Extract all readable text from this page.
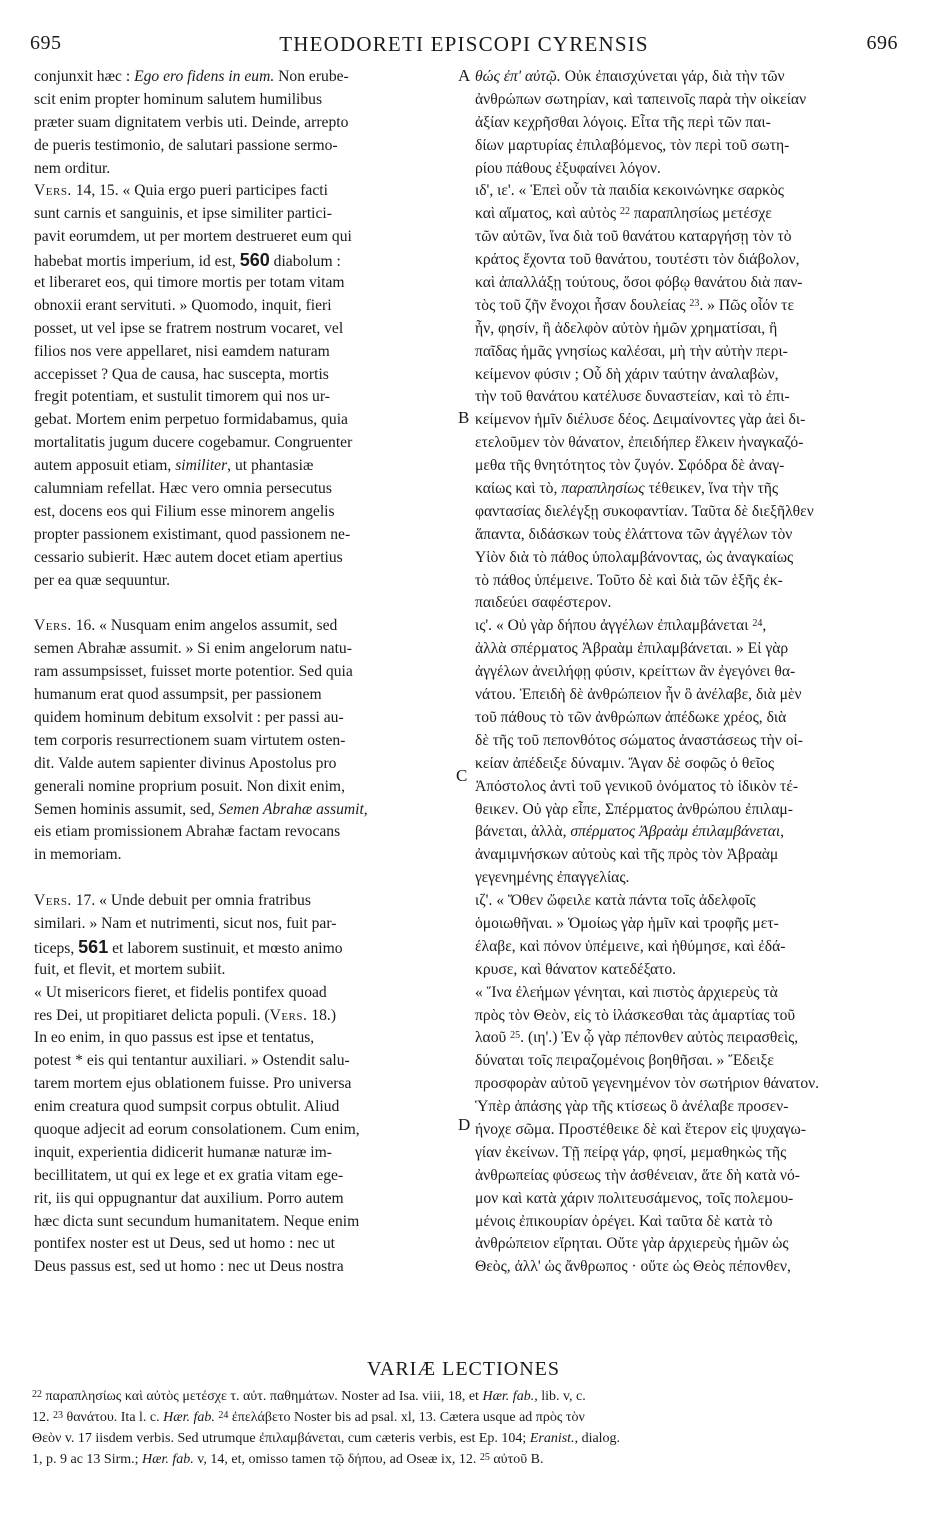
695	THEODORETI EPISCOPI CYRENSIS	696
conjunxit hæc : Ego ero fidens in eum. Non erube-
scit enim propter hominum salutem humilibus
præter suam dignitatem verbis uti. Deinde, arrepto
de pueris testimonio, de salutari passione sermo-
nem orditur.
Vers. 14, 15. « Quia ergo pueri participes facti
sunt carnis et sanguinis, et ipse similiter partici-
pavit eorumdem, ut per mortem destrueret eum qui
habebat mortis imperium, id est, 560 diabolum :
et liberaret eos, qui timore mortis per totam vitam
obnoxii erant servituti. » Quomodo, inquit, fieri
posset, ut vel ipse se fratrem nostrum vocaret, vel
filios nos vere appellaret, nisi eamdem naturam
accepisset ? Qua de causa, hac suscepta, mortis
fregit potentiam, et sustulit timorem qui nos ur-
gebat. Mortem enim perpetuo formidabamus, quia
mortalitatis jugum ducere cogebamur. Congruenter
autem apposuit etiam, similiter, ut phantasiæ
calumniam refellat. Hæc vero omnia persecutus
est, docens eos qui Filium esse minorem angelis
propter passionem existimant, quod passionem ne-
cessario subierit. Hæc autem docet etiam apertius
per ea quæ sequuntur.
Vers. 16. « Nusquam enim angelos assumit, sed
semen Abrahæ assumit. » Si enim angelorum natu-
ram assumpsisset, fuisset morte potentior. Sed quia
humanum erat quod assumpsit, per passionem
quidem hominum debitum exsolvit : per passi au-
tem corporis resurrectionem suam virtutem osten-
dit. Valde autem sapienter divinus Apostolus pro
generali nomine proprium posuit. Non dixit enim,
Semen hominis assumit, sed, Semen Abrahæ assumit,
eis etiam promissionem Abrahæ factam revocans
in memoriam.
Vers. 17. « Unde debuit per omnia fratribus
similari. » Nam et nutrimenti, sicut nos, fuit par-
ticeps, 561 et laborem sustinuit, et mœsto animo
fuit, et flevit, et mortem subiit.
« Ut misericors fieret, et fidelis pontifex quoad
res Dei, ut propitiaret delicta populi. (Vers. 18.)
In eo enim, in quo passus est ipse et tentatus,
potest * eis qui tentantur auxiliari. » Ostendit salu-
tarem mortem ejus oblationem fuisse. Pro universa
enim creatura quod sumpsit corpus obtulit. Aliud
quoque adjecit ad eorum consolationem. Cum enim,
inquit, experientia didicerit humanæ naturæ im-
becillitatem, ut qui ex lege et ex gratia vitam ege-
rit, iis qui oppugnantur dat auxilium. Porro autem
hæc dicta sunt secundum humanitatem. Neque enim
pontifex noster est ut Deus, sed ut homo : nec ut
Deus passus est, sed ut homo : nec ut Deus nostra
θώς ἐπ' αὐτῷ. Οὐκ ἐπαισχύνεται γάρ, διὰ τὴν τῶν
ἀνθρώπων σωτηρίαν, καὶ ταπεινοῖς παρὰ τὴν οἰκείαν
ἀξίαν κεχρῆσθαι λόγοις. Εἶτα τῆς περὶ τῶν παι-
δίων μαρτυρίας ἐπιλαβόμενος, τὸν περὶ τοῦ σωτη-
ρίου πάθους ἐξυφαίνει λόγον.
ιδ', ιε'. « Ἐπεὶ οὖν τὰ παιδία κεκοινώνηκε σαρκὸς
καὶ αἵματος, καὶ αὐτὸς $^{22}$ παραπλησίως μετέσχε
τῶν αὐτῶν, ἵνα διὰ τοῦ θανάτου καταργήσῃ τὸν τὸ
κράτος ἔχοντα τοῦ θανάτου, τουτέστι τὸν διάβολον,
καὶ ἀπαλλάξῃ τούτους, ὅσοι φόβῳ θανάτου διὰ παν-
τὸς τοῦ ζῆν ἔνοχοι ἦσαν δουλείας $^{23}$. » Πῶς οἷόν τε
ἦν, φησίν, ἢ ἀδελφὸν αὐτὸν ἡμῶν χρηματίσαι, ἢ
παῖδας ἡμᾶς γνησίως καλέσαι, μὴ τὴν αὐτὴν περι-
κείμενον φύσιν ; Οὗ δὴ χάριν ταύτην ἀναλαβὼν,
τὴν τοῦ θανάτου κατέλυσε δυναστείαν, καὶ τὸ ἐπι-
κείμενον ἡμῖν διέλυσε δέος. Δειμαίνοντες γὰρ ἀεὶ δι-
ετελοῦμεν τὸν θάνατον, ἐπειδήπερ ἕλκειν ἠναγκαζό-
μεθα τῆς θνητότητος τὸν ζυγόν. Σφόδρα δὲ ἀναγ-
καίως καὶ τὸ, παραπλησίως τέθεικεν, ἵνα τὴν τῆς
φαντασίας διελέγξῃ συκοφαντίαν. Ταῦτα δὲ διεξῆλθεν
ἅπαντα, διδάσκων τοὺς ἐλάττονα τῶν ἀγγέλων τὸν
Υἱὸν διὰ τὸ πάθος ὑπολαμβάνοντας, ὡς ἀναγκαίως
τὸ πάθος ὑπέμεινε. Τοῦτο δὲ καὶ διὰ τῶν ἑξῆς ἐκ-
παιδεύει σαφέστερον.
ις'. « Οὐ γὰρ δήπου ἀγγέλων ἐπιλαμβάνεται $^{24}$,
ἀλλὰ σπέρματος Ἀβραὰμ ἐπιλαμβάνεται. » Εἰ γὰρ
ἀγγέλων ἀνειλήφῃ φύσιν, κρείττων ἂν ἐγεγόνει θα-
νάτου. Ἐπειδὴ δὲ ἀνθρώπειον ἦν ὃ ἀνέλαβε, διὰ μὲν
τοῦ πάθους τὸ τῶν ἀνθρώπων ἀπέδωκε χρέος, διὰ
δὲ τῆς τοῦ πεπονθότος σώματος ἀναστάσεως τὴν οἰ-
κείαν ἀπέδειξε δύναμιν. Ἄγαν δὲ σοφῶς ὁ θεῖος
Ἀπόστολος ἀντὶ τοῦ γενικοῦ ὀνόματος τὸ ἰδικὸν τέ-
θεικεν. Οὐ γὰρ εἶπε, Σπέρματος ἀνθρώπου ἐπιλαμ-
βάνεται, ἀλλὰ, σπέρματος Ἀβραὰμ ἐπιλαμβάνεται,
ἀναμιμνήσκων αὐτοὺς καὶ τῆς πρὸς τὸν Ἀβραὰμ
γεγενημένης ἐπαγγελίας.
ιζ'. « Ὅθεν ὤφειλε κατὰ πάντα τοῖς ἀδελφοῖς
ὁμοιωθῆναι. » Ὁμοίως γὰρ ἡμῖν καὶ τροφῆς μετ-
έλαβε, καὶ πόνον ὑπέμεινε, καὶ ἠθύμησε, καὶ ἐδά-
κρυσε, καὶ θάνατον κατεδέξατο.
« Ἵνα ἐλεήμων γένηται, καὶ πιστὸς ἀρχιερεὺς τὰ
πρὸς τὸν Θεὸν, εἰς τὸ ἱλάσκεσθαι τὰς ἁμαρτίας τοῦ
λαοῦ $^{25}$. (ιη'.) Ἐν ᾧ γὰρ πέπονθεν αὐτὸς πειρασθεὶς,
δύναται τοῖς πειραζομένοις βοηθῆσαι. » Ἔδειξε
προσφορὰν αὐτοῦ γεγενημένον τὸν σωτήριον θάνατον.
Ὑπὲρ ἁπάσης γὰρ τῆς κτίσεως ὃ ἀνέλαβε προσεν-
ήνοχε σῶμα. Προστέθεικε δὲ καὶ ἕτερον εἰς ψυχαγω-
γίαν ἐκείνων. Τῇ πείρᾳ γάρ, φησί, μεμαθηκὼς τῆς
ἀνθρωπείας φύσεως τὴν ἀσθένειαν, ἅτε δὴ κατὰ νό-
μον καὶ κατὰ χάριν πολιτευσάμενος, τοῖς πολεμου-
μένοις ἐπικουρίαν ὀρέγει. Καὶ ταῦτα δὲ κατὰ τὸ
ἀνθρώπειον εἴρηται. Οὔτε γὰρ ἀρχιερεὺς ἡμῶν ὡς
Θεὸς, ἀλλ' ὡς ἄνθρωπος · οὔτε ὡς Θεὸς πέπονθεν,
A
B
C
D
VARIÆ LECTIONES
$^{22}$ παραπλησίως καὶ αὐτὸς μετέσχε τ. αὐτ. παθημάτων. Noster ad Isa. viii, 18, et Hær. fab., lib. v, c.
12. $^{23}$ θανάτου. Ita l. c. Hær. fab. $^{24}$ ἐπελάβετο Noster bis ad psal. xl, 13. Cætera usque ad πρὸς τὸν
Θεὸν v. 17 iisdem verbis. Sed utrumque ἐπιλαμβάνεται, cum cæteris verbis, est Ep. 104; Eranist., dialog.
1, p. 9 ac 13 Sirm.; Hær. fab. v, 14, et, omisso tamen τῷ δήπου, ad Oseæ ix, 12. $^{25}$ αὐτοῦ B.
